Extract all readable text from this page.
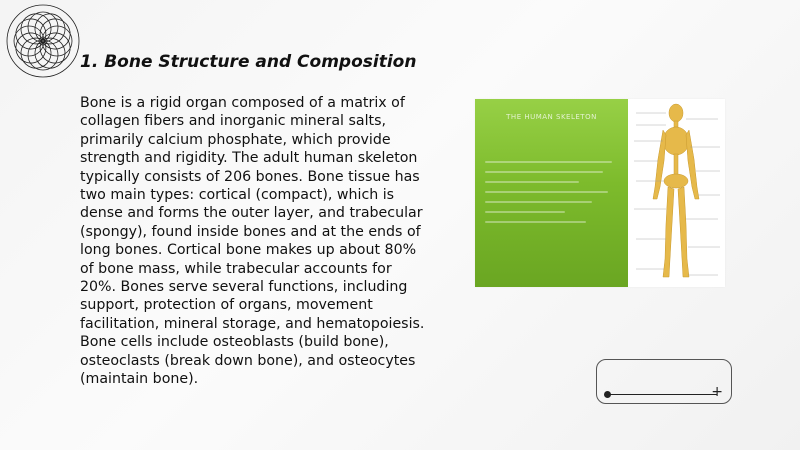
1. Bone Structure and Composition

Bone is a rigid organ composed of a matrix of collagen fibers and inorganic mineral salts, primarily calcium phosphate, which provide strength and rigidity. The adult human skeleton typically consists of 206 bones. Bone tissue has two main types: cortical (compact), which is dense and forms the outer layer, and trabecular (spongy), found inside bones and at the ends of long bones. Cortical bone makes up about 80% of bone mass, while trabecular accounts for 20%. Bones serve several functions, including support, protection of organs, movement facilitation, mineral storage, and hematopoiesis. Bone cells include osteoblasts (build bone), osteoclasts (break down bone), and osteocytes (maintain bone).

THE HUMAN SKELETON
+
